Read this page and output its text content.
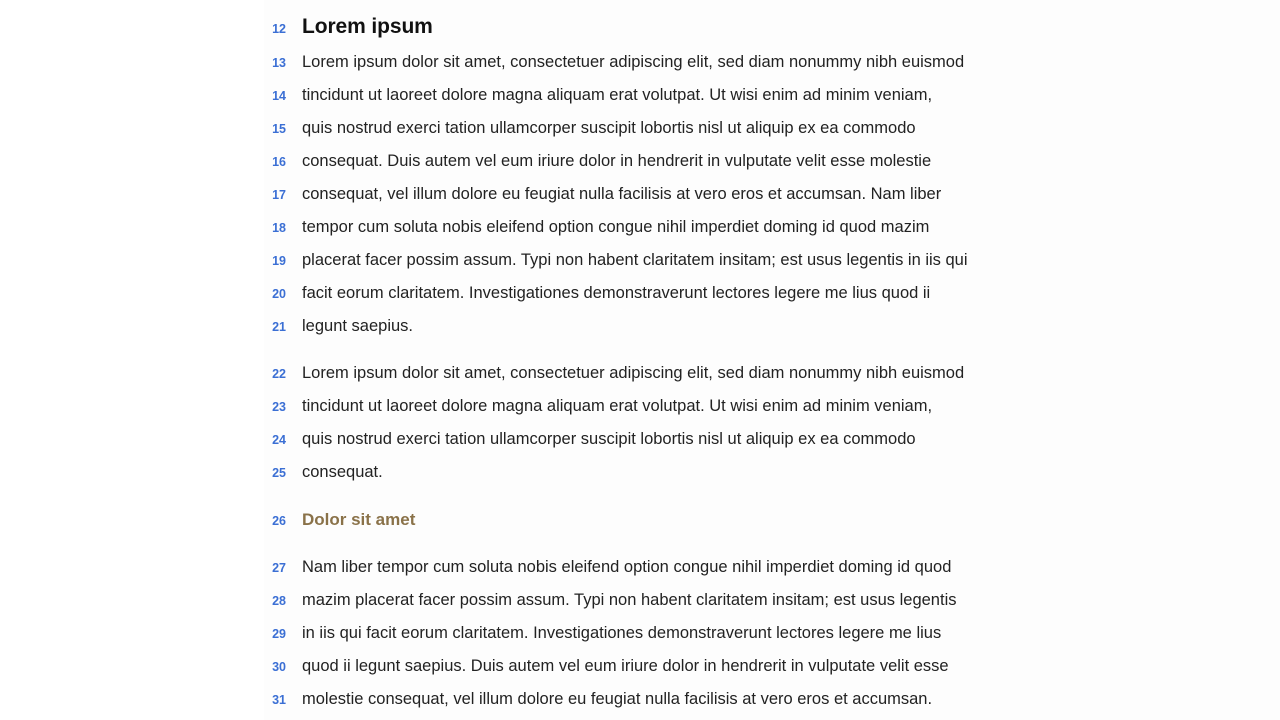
12 Lorem ipsum
13 Lorem ipsum dolor sit amet, consectetuer adipiscing elit, sed diam nonummy nibh euismod
14 tincidunt ut laoreet dolore magna aliquam erat volutpat. Ut wisi enim ad minim veniam,
15 quis nostrud exerci tation ullamcorper suscipit lobortis nisl ut aliquip ex ea commodo
16 consequat. Duis autem vel eum iriure dolor in hendrerit in vulputate velit esse molestie
17 consequat, vel illum dolore eu feugiat nulla facilisis at vero eros et accumsan. Nam liber
18 tempor cum soluta nobis eleifend option congue nihil imperdiet doming id quod mazim
19 placerat facer possim assum. Typi non habent claritatem insitam; est usus legentis in iis qui
20 facit eorum claritatem. Investigationes demonstraverunt lectores legere me lius quod ii
21 legunt saepius.
22 Lorem ipsum dolor sit amet, consectetuer adipiscing elit, sed diam nonummy nibh euismod
23 tincidunt ut laoreet dolore magna aliquam erat volutpat. Ut wisi enim ad minim veniam,
24 quis nostrud exerci tation ullamcorper suscipit lobortis nisl ut aliquip ex ea commodo
25 consequat.
26 Dolor sit amet
27 Nam liber tempor cum soluta nobis eleifend option congue nihil imperdiet doming id quod
28 mazim placerat facer possim assum. Typi non habent claritatem insitam; est usus legentis
29 in iis qui facit eorum claritatem. Investigationes demonstraverunt lectores legere me lius
30 quod ii legunt saepius. Duis autem vel eum iriure dolor in hendrerit in vulputate velit esse
31 molestie consequat, vel illum dolore eu feugiat nulla facilisis at vero eros et accumsan.
